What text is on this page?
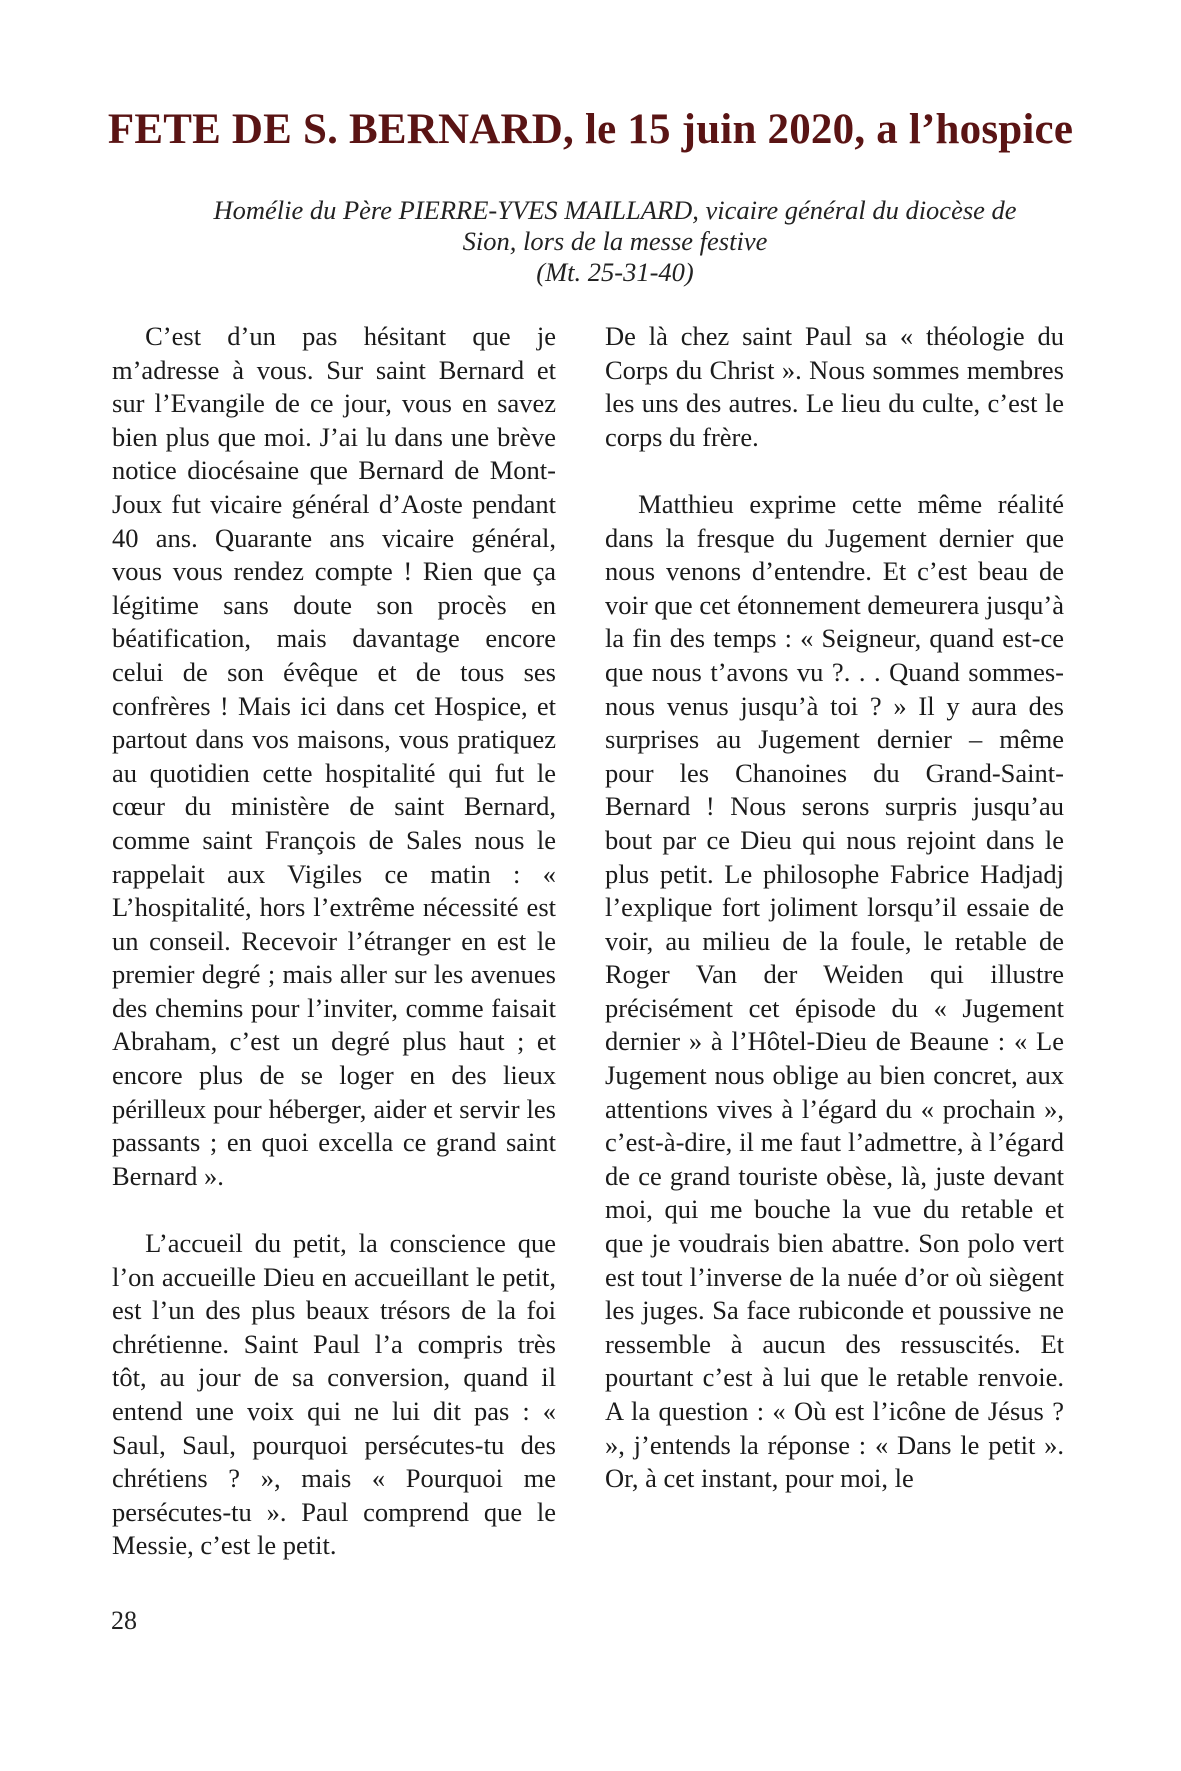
FETE DE S. BERNARD, le 15 juin 2020, a l’hospice
Homélie du Père PIERRE-YVES MAILLARD, vicaire général du diocèse de
Sion, lors de la messe festive
(Mt. 25-31-40)

C’est d’un pas hésitant que je m’adresse à vous. Sur saint Bernard et sur l’Evangile de ce jour, vous en savez bien plus que moi. J’ai lu dans une brève notice diocésaine que Bernard de Mont-Joux fut vicaire général d’Aoste pendant 40 ans. Quarante ans vicaire général, vous vous rendez compte ! Rien que ça légitime sans doute son procès en béatification, mais davantage encore celui de son évêque et de tous ses confrères ! Mais ici dans cet Hospice, et partout dans vos maisons, vous pratiquez au quotidien cette hospitalité qui fut le cœur du ministère de saint Bernard, comme saint François de Sales nous le rappelait aux Vigiles ce matin : « L’hospitalité, hors l’extrême nécessité est un conseil. Recevoir l’étranger en est le premier degré ; mais aller sur les avenues des chemins pour l’inviter, comme faisait Abraham, c’est un degré plus haut ; et encore plus de se loger en des lieux périlleux pour héberger, aider et servir les passants ; en quoi excella ce grand saint Bernard ».

L’accueil du petit, la conscience que l’on accueille Dieu en accueillant le petit, est l’un des plus beaux trésors de la foi chrétienne. Saint Paul l’a compris très tôt, au jour de sa conversion, quand il entend une voix qui ne lui dit pas : « Saul, Saul, pourquoi persécutes-tu des chrétiens ? », mais « Pourquoi me persécutes-tu ». Paul comprend que le Messie, c’est le petit.

De là chez saint Paul sa « théologie du Corps du Christ ». Nous sommes membres les uns des autres. Le lieu du culte, c’est le corps du frère.

Matthieu exprime cette même réalité dans la fresque du Jugement dernier que nous venons d’entendre. Et c’est beau de voir que cet étonnement demeurera jusqu’à la fin des temps : « Seigneur, quand est-ce que nous t’avons vu ?. . . Quand sommes-nous venus jusqu’à toi ? » Il y aura des surprises au Jugement dernier – même pour les Chanoines du Grand-Saint-Bernard ! Nous serons surpris jusqu’au bout par ce Dieu qui nous rejoint dans le plus petit. Le philosophe Fabrice Hadjadj l’explique fort joliment lorsqu’il essaie de voir, au milieu de la foule, le retable de Roger Van der Weiden qui illustre précisément cet épisode du « Jugement dernier » à l’Hôtel-Dieu de Beaune : « Le Jugement nous oblige au bien concret, aux attentions vives à l’égard du « prochain », c’est-à-dire, il me faut l’admettre, à l’égard de ce grand touriste obèse, là, juste devant moi, qui me bouche la vue du retable et que je voudrais bien abattre. Son polo vert est tout l’inverse de la nuée d’or où siègent les juges. Sa face rubiconde et poussive ne ressemble à aucun des ressuscités. Et pourtant c’est à lui que le retable renvoie. A la question : « Où est l’icône de Jésus ? », j’entends la réponse : « Dans le petit ». Or, à cet instant, pour moi, le

28
